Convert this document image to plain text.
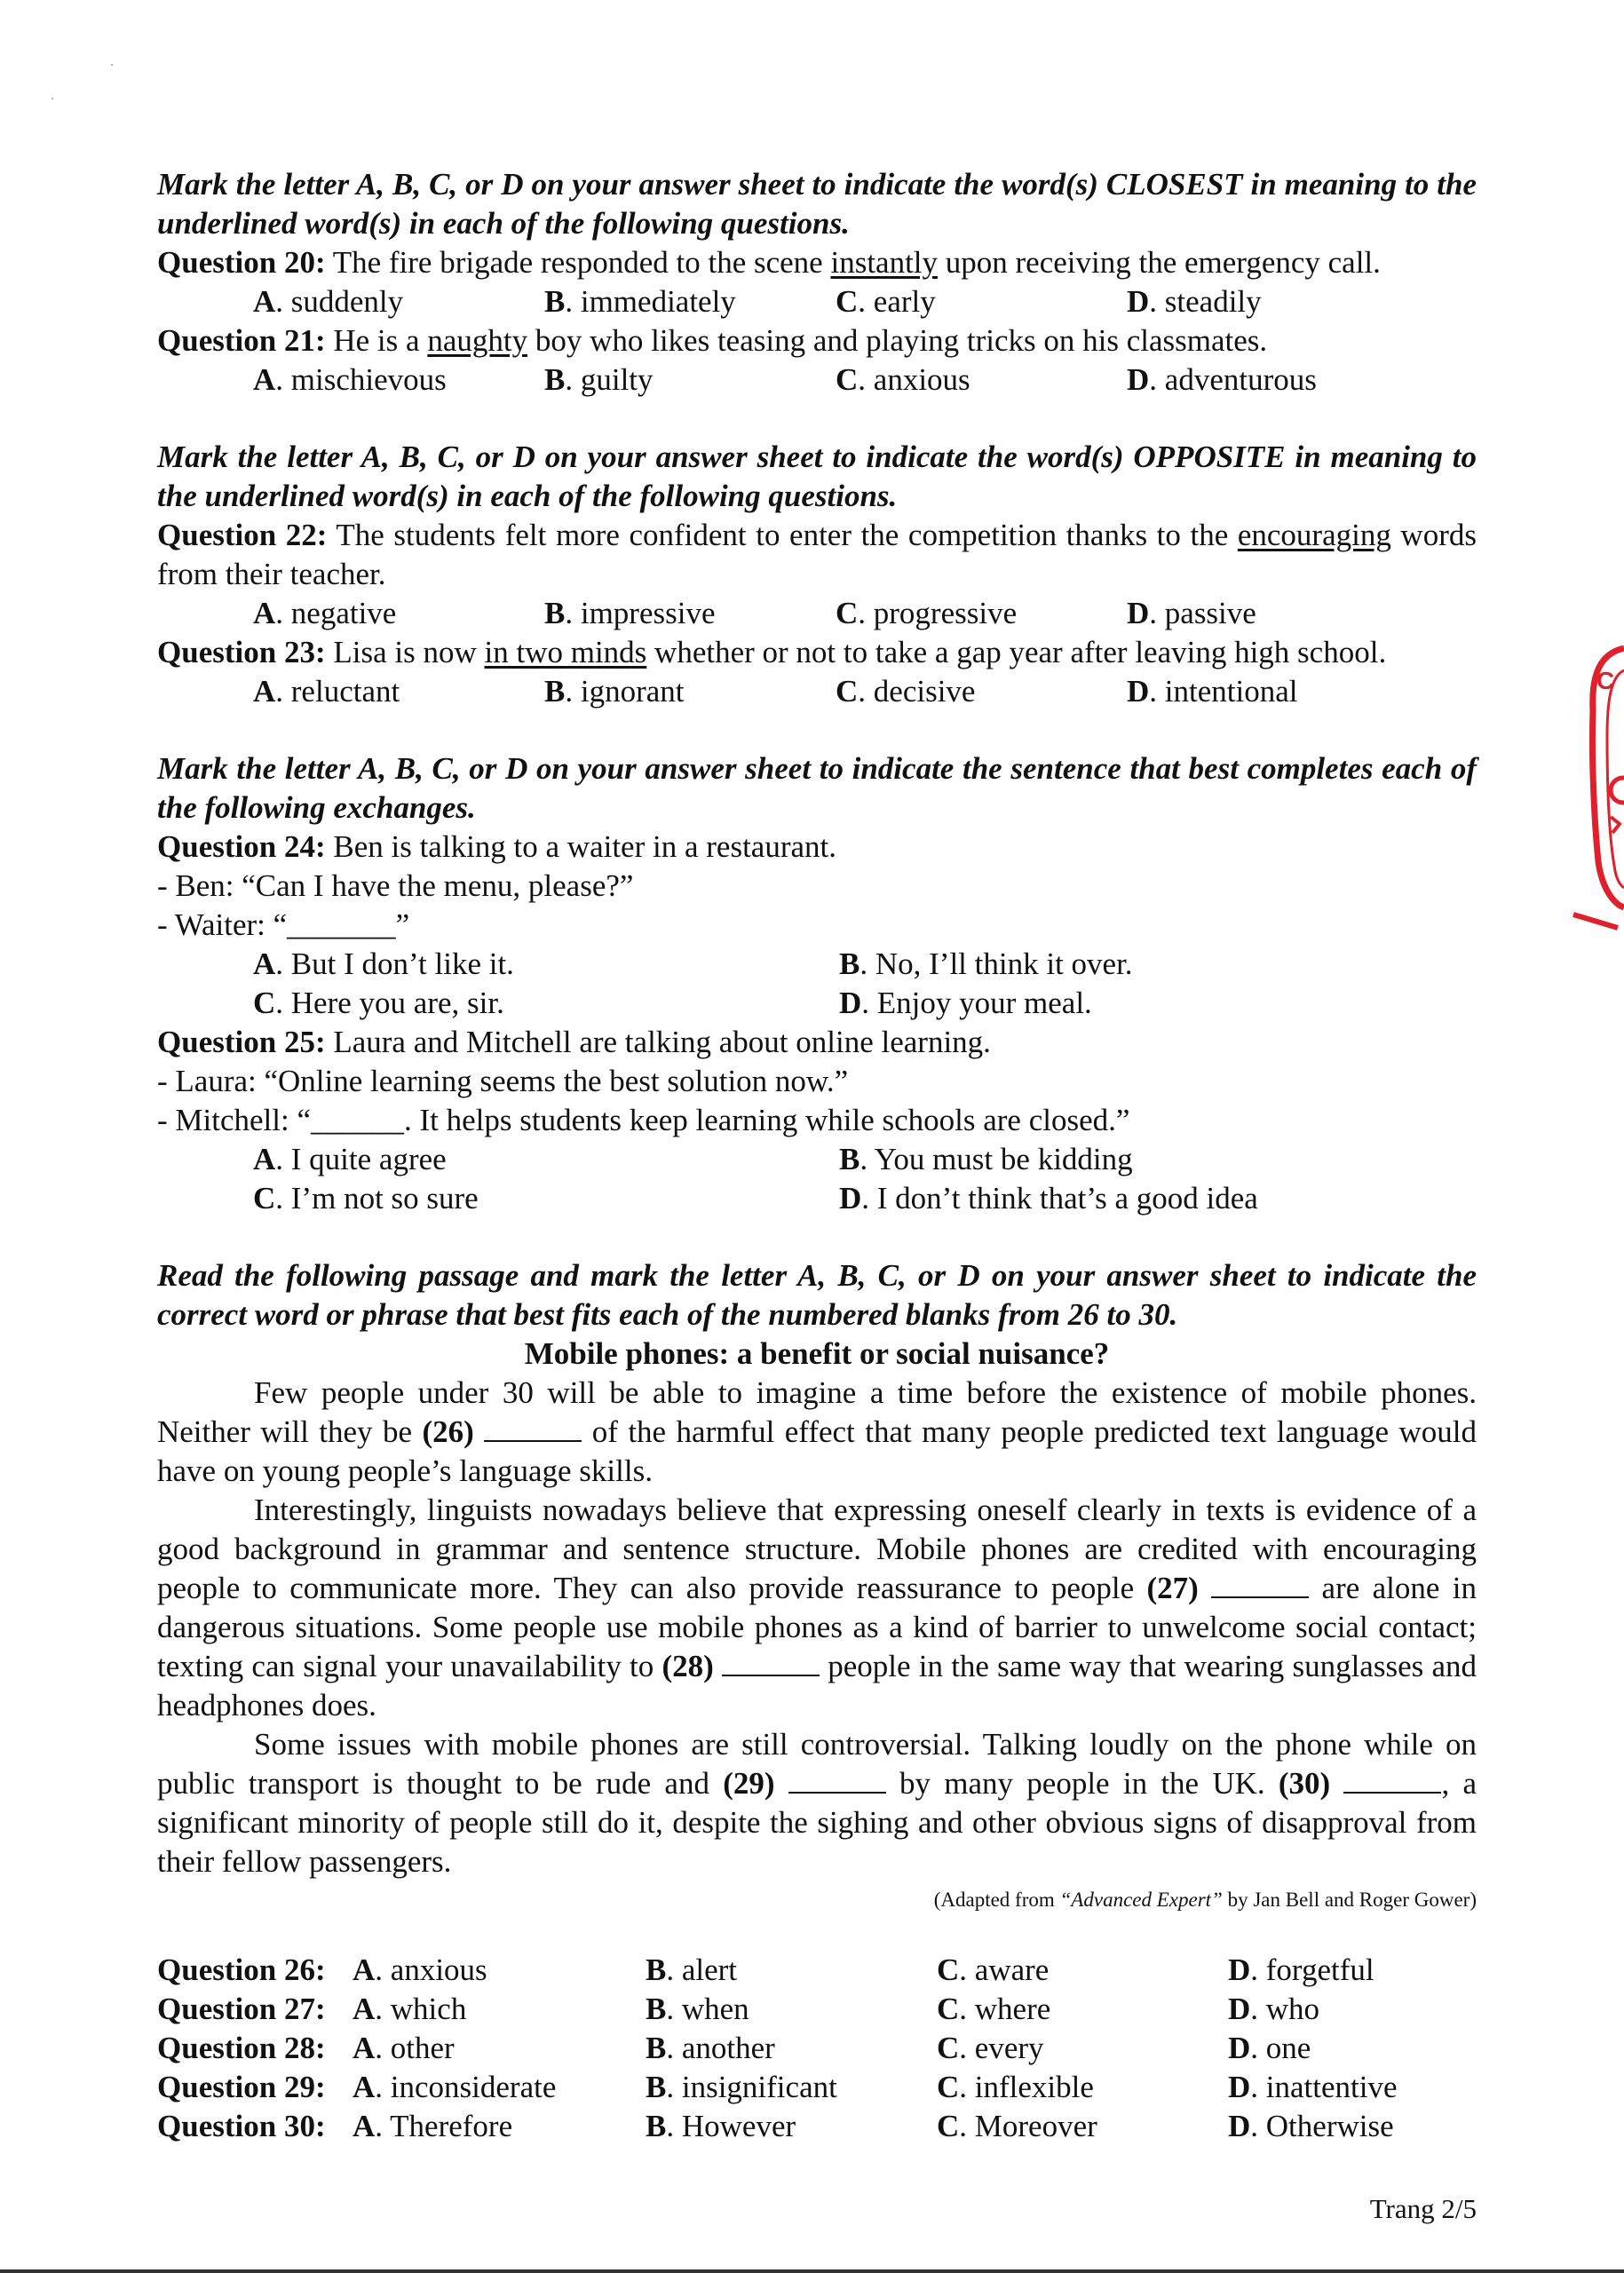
Mark the letter A, B, C, or D on your answer sheet to indicate the word(s) CLOSEST in meaning to the underlined word(s) in each of the following questions.
Question 20: The fire brigade responded to the scene instantly upon receiving the emergency call.
A. suddenly	B. immediately	C. early	D. steadily
Question 21: He is a naughty boy who likes teasing and playing tricks on his classmates.
A. mischievous	B. guilty	C. anxious	D. adventurous
Mark the letter A, B, C, or D on your answer sheet to indicate the word(s) OPPOSITE in meaning to the underlined word(s) in each of the following questions.
Question 22: The students felt more confident to enter the competition thanks to the encouraging words from their teacher.
A. negative	B. impressive	C. progressive	D. passive
Question 23: Lisa is now in two minds whether or not to take a gap year after leaving high school.
A. reluctant	B. ignorant	C. decisive	D. intentional
Mark the letter A, B, C, or D on your answer sheet to indicate the sentence that best completes each of the following exchanges.
Question 24: Ben is talking to a waiter in a restaurant.
- Ben: “Can I have the menu, please?”
- Waiter: “_______”
A. But I don’t like it.	B. No, I’ll think it over.
C. Here you are, sir.	D. Enjoy your meal.
Question 25: Laura and Mitchell are talking about online learning.
- Laura: “Online learning seems the best solution now.”
- Mitchell: “______. It helps students keep learning while schools are closed.”
A. I quite agree	B. You must be kidding
C. I’m not so sure	D. I don’t think that’s a good idea
Read the following passage and mark the letter A, B, C, or D on your answer sheet to indicate the correct word or phrase that best fits each of the numbered blanks from 26 to 30.
Mobile phones: a benefit or social nuisance?
Few people under 30 will be able to imagine a time before the existence of mobile phones. Neither will they be (26)	of the harmful effect that many people predicted text language would have on young people’s language skills.
Interestingly, linguists nowadays believe that expressing oneself clearly in texts is evidence of a good background in grammar and sentence structure. Mobile phones are credited with encouraging people to communicate more. They can also provide reassurance to people (27)	are alone in dangerous situations. Some people use mobile phones as a kind of barrier to unwelcome social contact; texting can signal your unavailability to (28)	people in the same way that wearing sunglasses and headphones does.
Some issues with mobile phones are still controversial. Talking loudly on the phone while on public transport is thought to be rude and (29)	by many people in the UK. (30)	, a significant minority of people still do it, despite the sighing and other obvious signs of disapproval from their fellow passengers.
(Adapted from “Advanced Expert” by Jan Bell and Roger Gower)
Question 26: A. anxious	B. alert	C. aware	D. forgetful
Question 27: A. which	B. when	C. where	D. who
Question 28: A. other	B. another	C. every	D. one
Question 29: A. inconsiderate	B. insignificant	C. inflexible	D. inattentive
Question 30: A. Therefore	B. However	C. Moreover	D. Otherwise
Trang 2/5
C
